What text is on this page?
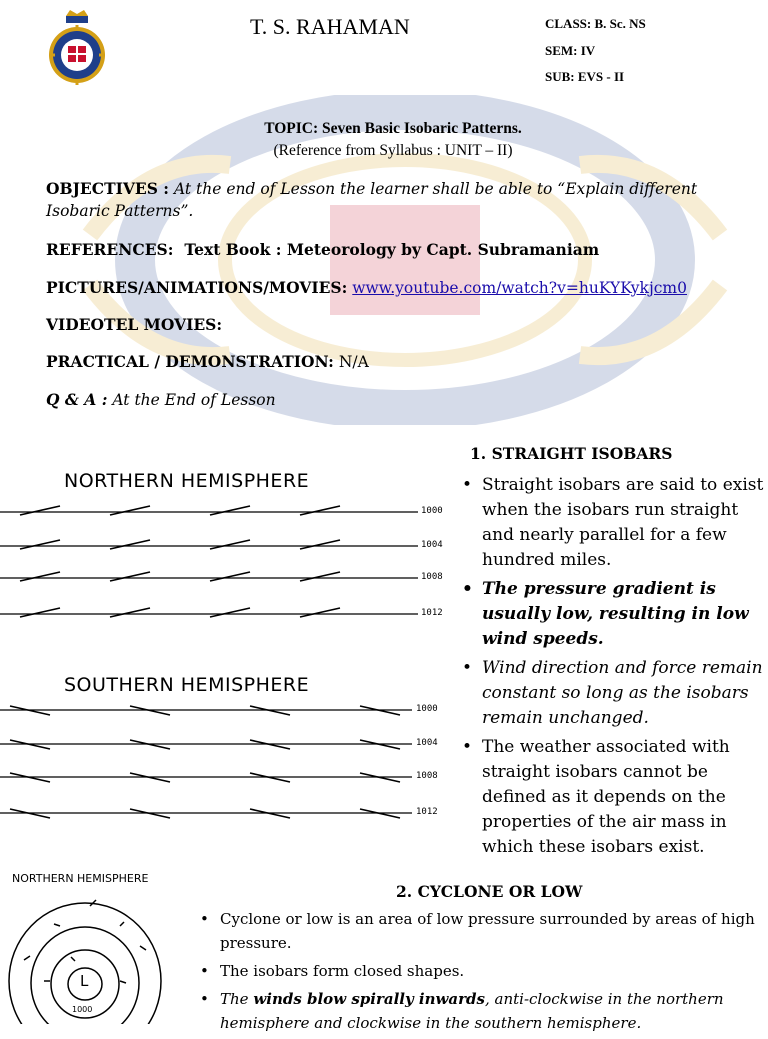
T. S. RAHAMAN	CLASS: B. Sc. NS
SEM: IV
SUB: EVS - II
TOPIC: Seven Basic Isobaric Patterns.
(Reference from Syllabus : UNIT – II)
OBJECTIVES : At the end of Lesson the learner shall be able to “Explain different
Isobaric Patterns”.
REFERENCES: Text Book : Meteorology by Capt. Subramaniam
PICTURES/ANIMATIONS/MOVIES: www.youtube.com/watch?v=huKYKykjcm0
VIDEOTEL MOVIES:
PRACTICAL / DEMONSTRATION: N/A
Q & A : At the End of Lesson
NORTHERN HEMISPHERE
SOUTHERN HEMISPHERE
1000
1004
1008
1012
1000
1004
1008
1012
1. STRAIGHT ISOBARS
• Straight isobars are said to exist when the isobars run straight and nearly parallel for a few hundred miles.
• The pressure gradient is usually low, resulting in low wind speeds.
• Wind direction and force remain constant so long as the isobars remain unchanged.
• The weather associated with straight isobars cannot be defined as it depends on the properties of the air mass in which these isobars exist.
NORTHERN HEMISPHERE
L
1000
2. CYCLONE OR LOW
• Cyclone or low is an area of low pressure surrounded by areas of high pressure.
• The isobars form closed shapes.
• The winds blow spirally inwards, anti-clockwise in the northern hemisphere and clockwise in the southern hemisphere.
